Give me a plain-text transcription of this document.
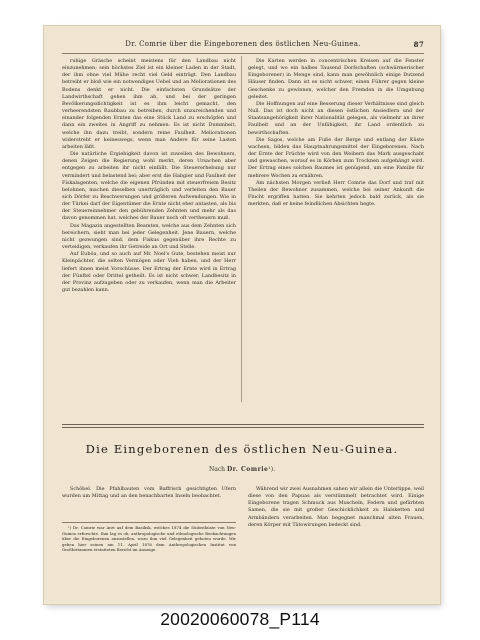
Dr. Comrie über die Eingeborenen des östlichen Neu-Guinea.	87

ruhige Gräsche scheint meistens für den Landbau nicht einzunehmen; sein höchstes Ziel ist ein kleiner Laden in der Stadt, der ihm ohne viel Mühe recht viel Geld einträgt. Den Landbau betreibt er bloß wie ein notwendiges Uebel und an Meliorationen des Bodens denkt er nicht. Die einfachsten Grundsätze der Landwirthschaft gehen ihm ab, und bei der geringen Bevölkerungsdichtigkeit ist es ihm leicht gemacht, den verheerendsten Raubbau zu betreiben, durch unzureichenden und einander folgenden Ernten das eine Stück Land zu erschöpfen und dann ein zweites in Angriff zu nehmen. Es ist nicht Dummheit, welche ihn dazu treibt, sondern reine Faulheit. Meliorationen widerstrebt er keineswegs, wenn man Andere für seine Lasten arbeiten läßt.

Die natürliche Ergiebigkeit davon ist zuweilen des Bewohners, denen Zeigen die Regierung wohl merkt, deren Ursachen aber entgegen zu arbeiten ihr nicht einfällt. Die Steuererhebung nur vermindert und belastend bei; aber erst die Habgier und Faulheit der Fiskalagenten, welche die eigenen Pfründen mit steuerfreiem Besitz belohnen, machen dieselben unerträglich und verleiten den Bauer sich Dörfer zu Beschwerungen und größeren Aufwendungen. Wie in der Türkei darf der Eigentümer die Ernte nicht eher antasten, als bis der Steuereinnehmer den gebührenden Zehnten und mehr als das davon genommen hat, welches der Bauer noch oft vertheuern muß.

Das Magazin angestellten Beamten, welche aus dem Zehnten sich bereichern, sieht man bei jeder Gelegenheit. Jene Bauern, welche nicht gezwungen sind, dem Fiskus gegenüber ihre Rechte zu verteidigen, verkaufen ihr Getreide an Ort und Stelle.

Auf Euböa, und so auch auf Mr. Noel's Gute, bestehen meist nur Kleinpächter, die selten Vermögen oder Vieh haben, und der Herr liefert ihnen meist Vorschüsse. Der Ertrag der Ernte wird in Ertrag der Fünftel oder Drittel getheilt. Es ist nicht schwer, Landbesitz in der Provinz aufzugeben oder zu verkaufen, wenn man die Arbeiter gut bezahlen kann.

Die Karten werden in concentrischen Kreisen auf die Fenster gelegt, und wo ein halbes Tausend Dorfschaften (schwärmerischer Eingeborener) in Menge sind, kann man gewöhnlich einige Dutzend Häuser finden. Dann ist es nicht schwer, einen Führer gegen kleine Geschenke zu gewinnen, welcher den Fremden in die Umgebung geleitet.

Die Hoffnungen auf eine Besserung dieser Verhältnisse sind gleich Null. Das ist doch nicht an diesen östlichen Ansiedlern und der Staatsangehörigkeit ihrer Nationalität gelegen, als vielmehr an ihrer Faulheit und an der Unfähigkeit, ihr Land ordentlich zu bewirthschaften.

Die Sagos, welche am Fuße der Berge und entlang der Küste wachsen, bilden das Hauptnahrungsmittel der Eingeborenen. Nach der Ernte der Früchte wird von den Weibern das Mark ausgeschabt und gewaschen, worauf es in Körben zum Trocknen aufgehängt wird. Der Ertrag eines solchen Baumes ist genügend, um eine Familie für mehrere Wochen zu ernähren.

Am nächsten Morgen verließ Herr Comrie das Dorf und traf mit Theilen der Bewohner zusammen, welche bei seiner Ankunft die Flucht ergriffen hatten. Sie kehrten jedoch bald zurück, als sie merkten, daß er keine feindlichen Absichten hegte.

Die Eingeborenen des östlichen Neu-Guinea.
Nach Dr. Comrie¹).

Schöbel. Die Pfahlbauten vom Baffrisch gesichtigten Ufern wurden um Mittag und an den benachbarten Inseln beobachtet.

¹) Dr. Comrie war Arzt auf dem Basilisk, welches 1874 die Südostküste von Neu-Guinea erforschte. Ihm lag es ob, anthropologische und ethnologische Beobachtungen über die Eingeborenen anzustellen, wozu ihm viel Gelegenheit geboten wurde. Wir geben hier seinen am 11. April 1876 dem Anthropologischen Institut von Großbritannien erstatteten Bericht im Auszuge.

Während wir zwei Ausnahmen sahen wir allein die Unterlippe, weil diese von den Papuas als verstümmelt betrachtet wird. Einige Eingeborene tragen Schmuck aus Muscheln, Federn und gefärbten Samen, die sie mit großer Geschicklichkeit zu Halsketten und Armbändern verarbeiten. Man begegnet manchmal alten Frauen, deren Körper mit Tätowirungen bedeckt sind.

20020060078_P114
